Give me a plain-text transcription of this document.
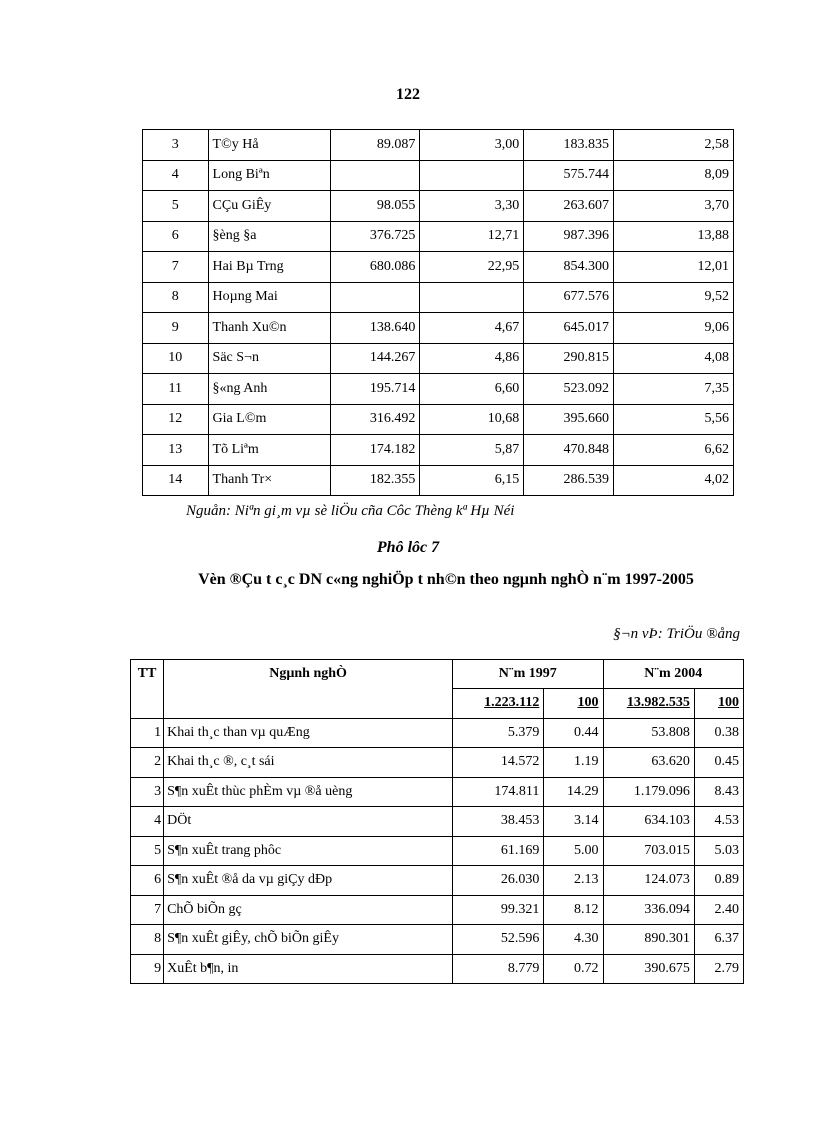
122
3	T©y Hå	89.087	3,00	183.835	2,58
4	Long Biªn			575.744	8,09
5	CÇu GiÊy	98.055	3,30	263.607	3,70
6	§èng §a	376.725	12,71	987.396	13,88
7	Hai Bµ Trng	680.086	22,95	854.300	12,01
8	Hoµng Mai			677.576	9,52
9	Thanh Xu©n	138.640	4,67	645.017	9,06
10	Säc S¬n	144.267	4,86	290.815	4,08
11	§«ng Anh	195.714	6,60	523.092	7,35
12	Gia L©m	316.492	10,68	395.660	5,56
13	Tõ Liªm	174.182	5,87	470.848	6,62
14	Thanh Tr×	182.355	6,15	286.539	4,02
Nguån: Niªn gi¸m vµ sè liÖu cña Côc Thèng kª Hµ Néi
Phô lôc 7
Vèn ®Çu t c¸c DN c«ng nghiÖp t nh©n theo ngµnh nghÒ n¨m 1997-2005
§¬n vÞ: TriÖu ®ång
TT	Ngµnh nghÒ	N¨m 1997		N¨m 2004	
		1.223.112	100	13.982.535	100
1	Khai th¸c than vµ quÆng	5.379	0.44	53.808	0.38
2	Khai th¸c ®, c¸t sái	14.572	1.19	63.620	0.45
3	S¶n xuÊt thùc phÈm vµ ®å uèng	174.811	14.29	1.179.096	8.43
4	DÖt	38.453	3.14	634.103	4.53
5	S¶n xuÊt trang phôc	61.169	5.00	703.015	5.03
6	S¶n xuÊt ®å da vµ giÇy dÐp	26.030	2.13	124.073	0.89
7	ChÕ biÕn gç	99.321	8.12	336.094	2.40
8	S¶n xuÊt giÊy, chÕ biÕn giÊy	52.596	4.30	890.301	6.37
9	XuÊt b¶n, in	8.779	0.72	390.675	2.79
